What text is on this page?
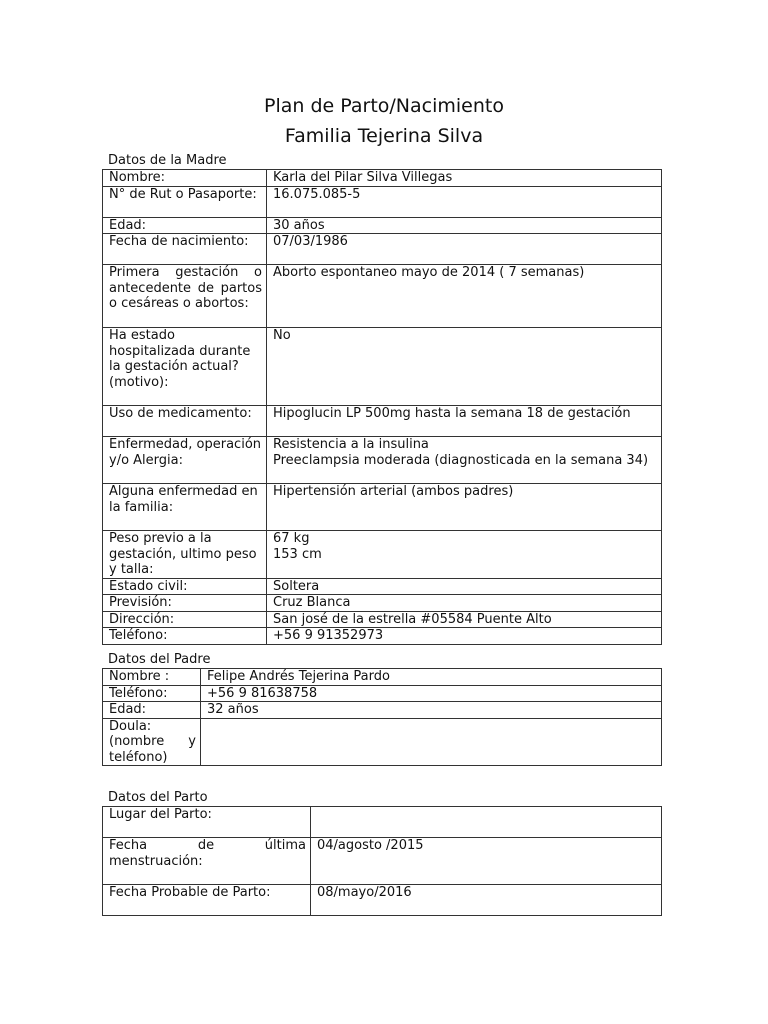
Plan de Parto/Nacimiento
Familia Tejerina Silva
Datos de la Madre
Nombre:	Karla del Pilar Silva Villegas
N° de Rut o Pasaporte:	16.075.085-5
Edad:	30 años
Fecha de nacimiento:	07/03/1986
Primera gestación o antecedente de partos o cesáreas o abortos:	Aborto espontaneo mayo de 2014 ( 7 semanas)
Ha estado hospitalizada durante la gestación actual? (motivo):	No
Uso de medicamento:	Hipoglucin LP 500mg hasta la semana 18 de gestación
Enfermedad, operación y/o Alergia:	Resistencia a la insulina
Preeclampsia moderada (diagnosticada en la semana 34)
Alguna enfermedad en la familia:	Hipertensión arterial (ambos padres)
Peso previo a la gestación, ultimo peso y talla:	67 kg
153 cm
Estado civil:	Soltera
Previsión:	Cruz Blanca
Dirección:	San josé de la estrella #05584 Puente Alto
Teléfono:	+56 9 91352973
Datos del Padre
Nombre :	Felipe Andrés Tejerina Pardo
Teléfono:	+56 9 81638758
Edad:	32 años
Doula: (nombre y teléfono)	
Datos del Parto
Lugar del Parto:	
Fecha de última menstruación:	04/agosto /2015
Fecha Probable de Parto:	08/mayo/2016
